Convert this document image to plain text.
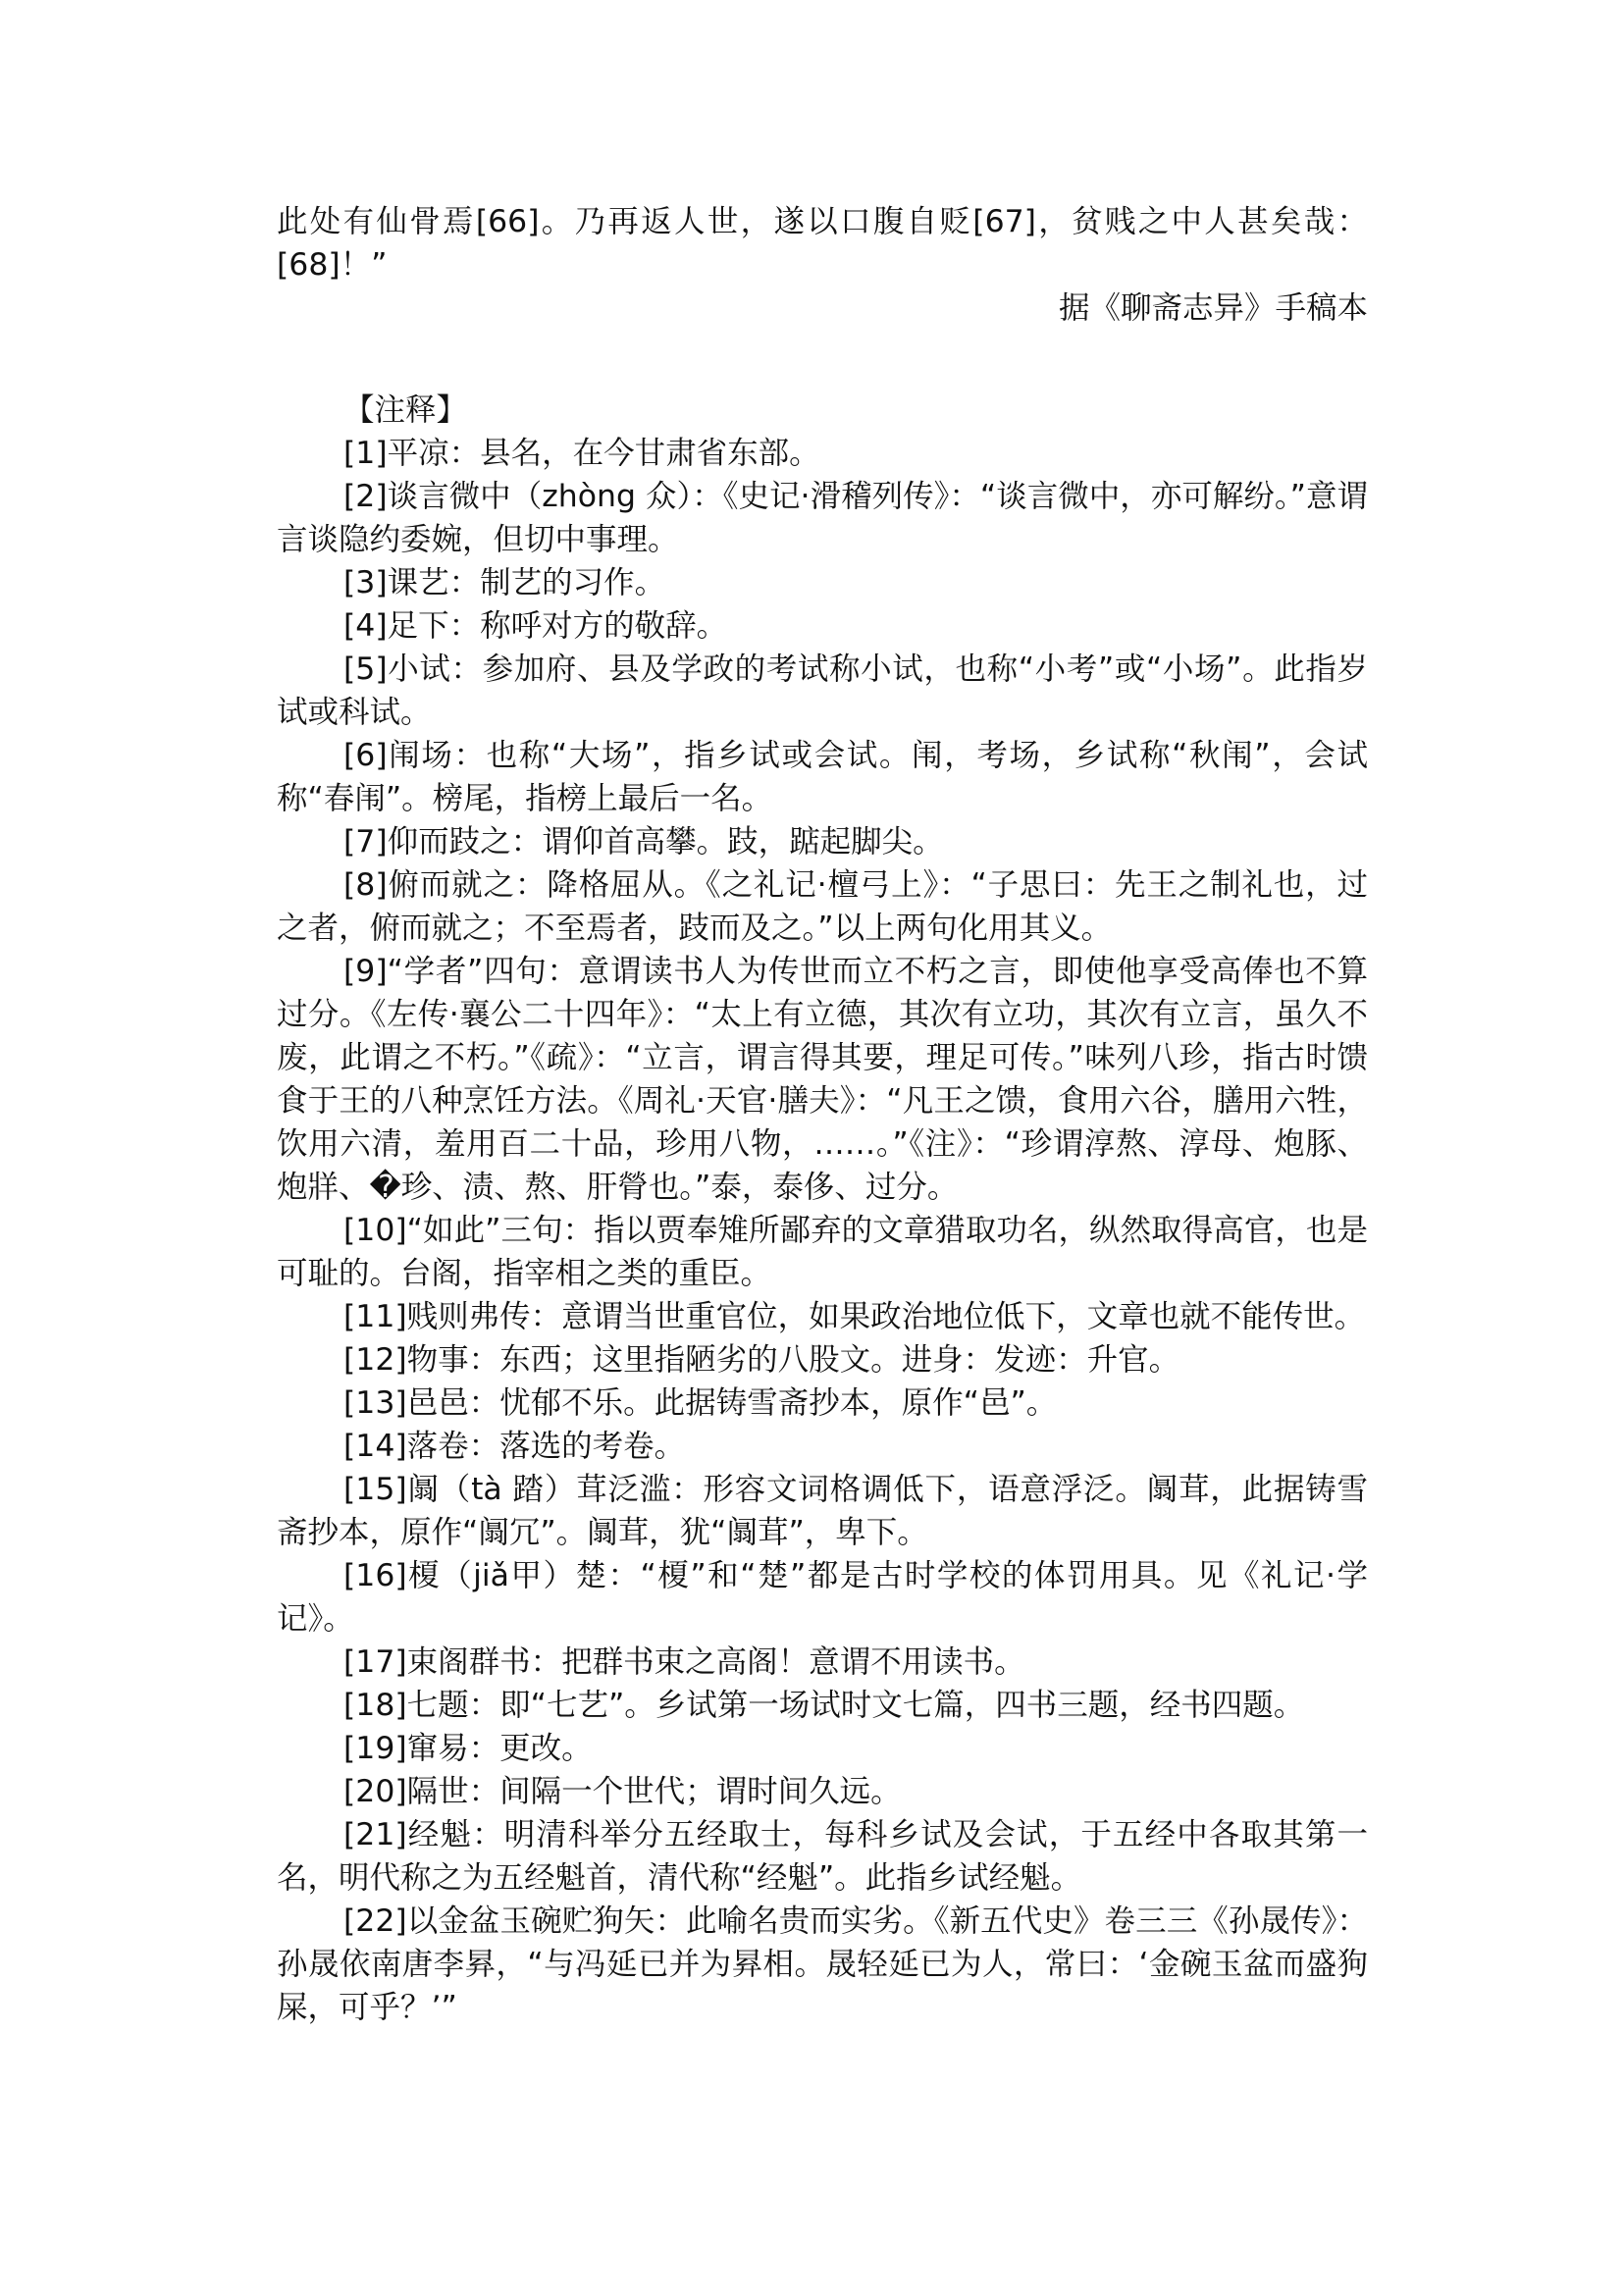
此处有仙骨焉[66]。乃再返人世，遂以口腹自贬[67]，贫贱之中人甚矣哉：[68]！”

据《聊斋志异》手稿本

【注释】

[1]平凉：县名，在今甘肃省东部。

[2]谈言微中（zhòng 众）：《史记·滑稽列传》：“谈言微中，亦可解纷。”意谓言谈隐约委婉，但切中事理。

[3]课艺：制艺的习作。

[4]足下：称呼对方的敬辞。

[5]小试：参加府、县及学政的考试称小试，也称“小考”或“小场”。此指岁试或科试。

[6]闱场：也称“大场”，指乡试或会试。闱，考场，乡试称“秋闱”，会试称“春闱”。榜尾，指榜上最后一名。

[7]仰而跂之：谓仰首高攀。跂，踮起脚尖。

[8]俯而就之：降格屈从。《之礼记·檀弓上》：“子思曰：先王之制礼也，过之者，俯而就之；不至焉者，跂而及之。”以上两句化用其义。

[9]“学者”四句：意谓读书人为传世而立不朽之言，即使他享受高俸也不算过分。《左传·襄公二十四年》：“太上有立德，其次有立功，其次有立言，虽久不废，此谓之不朽。”《疏》：“立言，谓言得其要，理足可传。”味列八珍，指古时馈食于王的八种烹饪方法。《周礼·天官·膳夫》：“凡王之馈，食用六谷，膳用六牲，饮用六清，羞用百二十品，珍用八物，……。”《注》：“珍谓淳熬、淳母、炮豚、炮牂、�珍、渍、熬、肝膋也。”泰，泰侈、过分。

[10]“如此”三句：指以贾奉雉所鄙弃的文章猎取功名，纵然取得高官，也是可耻的。台阁，指宰相之类的重臣。

[11]贱则弗传：意谓当世重官位，如果政治地位低下，文章也就不能传世。

[12]物事：东西；这里指陋劣的八股文。进身：发迹：升官。

[13]邑邑：忧郁不乐。此据铸雪斋抄本，原作“邑”。

[14]落卷：落选的考卷。

[15]阘（tà 踏）茸泛滥：形容文词格调低下，语意浮泛。阘茸，此据铸雪斋抄本，原作“阘冗”。阘茸，犹“阘茸”，卑下。

[16]榎（jiǎ甲）楚：“榎”和“楚”都是古时学校的体罚用具。见《礼记·学记》。

[17]束阁群书：把群书束之高阁！意谓不用读书。

[18]七题：即“七艺”。乡试第一场试时文七篇，四书三题，经书四题。

[19]窜易：更改。

[20]隔世：间隔一个世代；谓时间久远。

[21]经魁：明清科举分五经取士，每科乡试及会试，于五经中各取其第一名，明代称之为五经魁首，清代称“经魁”。此指乡试经魁。

[22]以金盆玉碗贮狗矢：此喻名贵而实劣。《新五代史》卷三三《孙晟传》：孙晟依南唐李昪，“与冯延已并为昪相。晟轻延已为人，常曰：‘金碗玉盆而盛狗屎，可乎？’”
